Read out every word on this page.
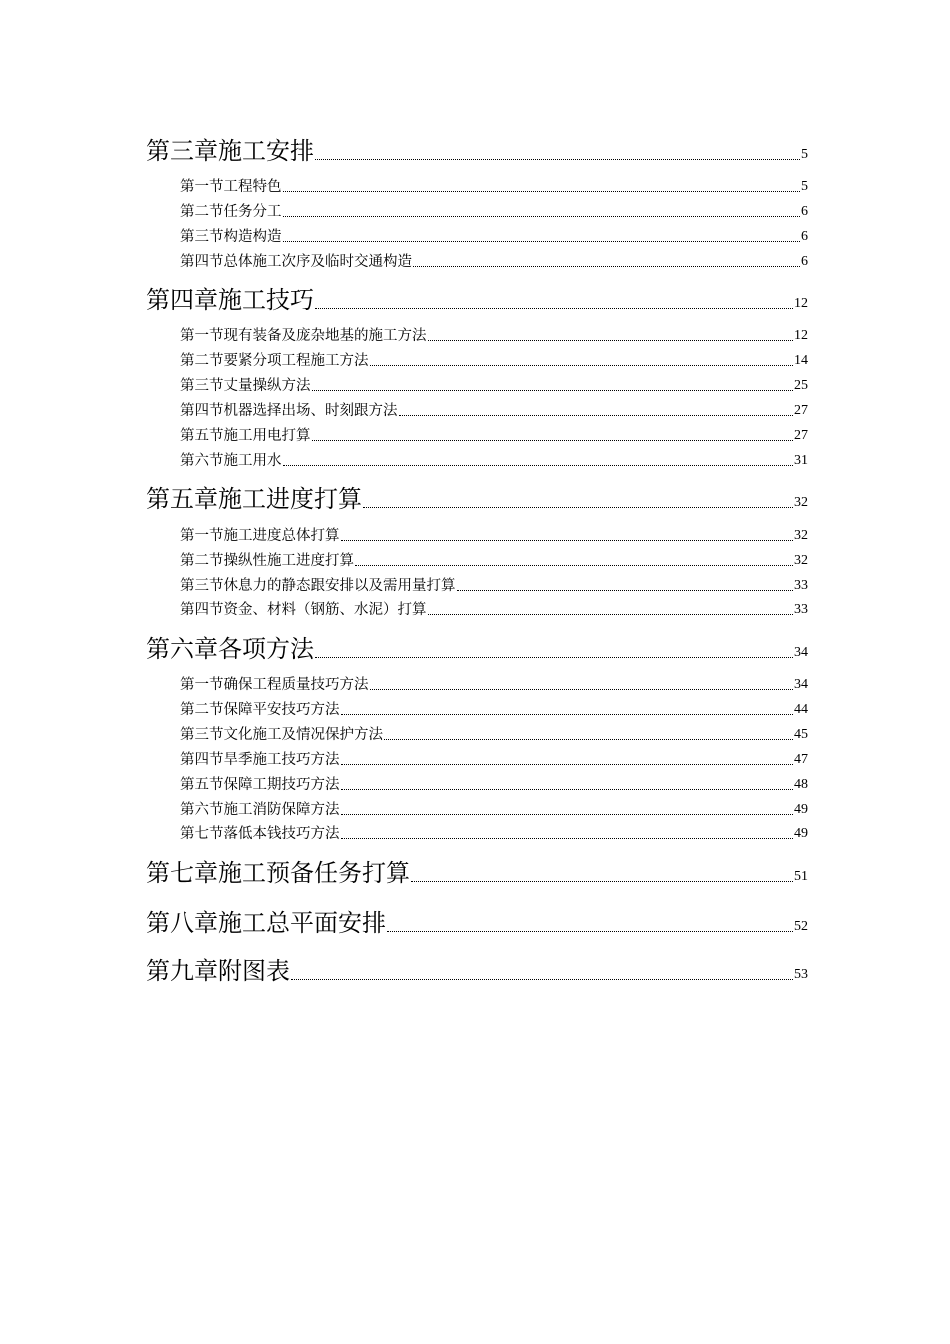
第三章施工安排	5
第一节工程特色	5
第二节任务分工	6
第三节构造构造	6
第四节总体施工次序及临时交通构造	6
第四章施工技巧	12
第一节现有装备及庞杂地基的施工方法	12
第二节要紧分项工程施工方法	14
第三节丈量操纵方法	25
第四节机器选择出场、时刻跟方法	27
第五节施工用电打算	27
第六节施工用水	31
第五章施工进度打算	32
第一节施工进度总体打算	32
第二节操纵性施工进度打算	32
第三节休息力的静态跟安排以及需用量打算	33
第四节资金、材料（钢筋、水泥）打算	33
第六章各项方法	34
第一节确保工程质量技巧方法	34
第二节保障平安技巧方法	44
第三节文化施工及情况保护方法	45
第四节旱季施工技巧方法	47
第五节保障工期技巧方法	48
第六节施工消防保障方法	49
第七节落低本钱技巧方法	49
第七章施工预备任务打算	51
第八章施工总平面安排	52
第九章附图表	53
